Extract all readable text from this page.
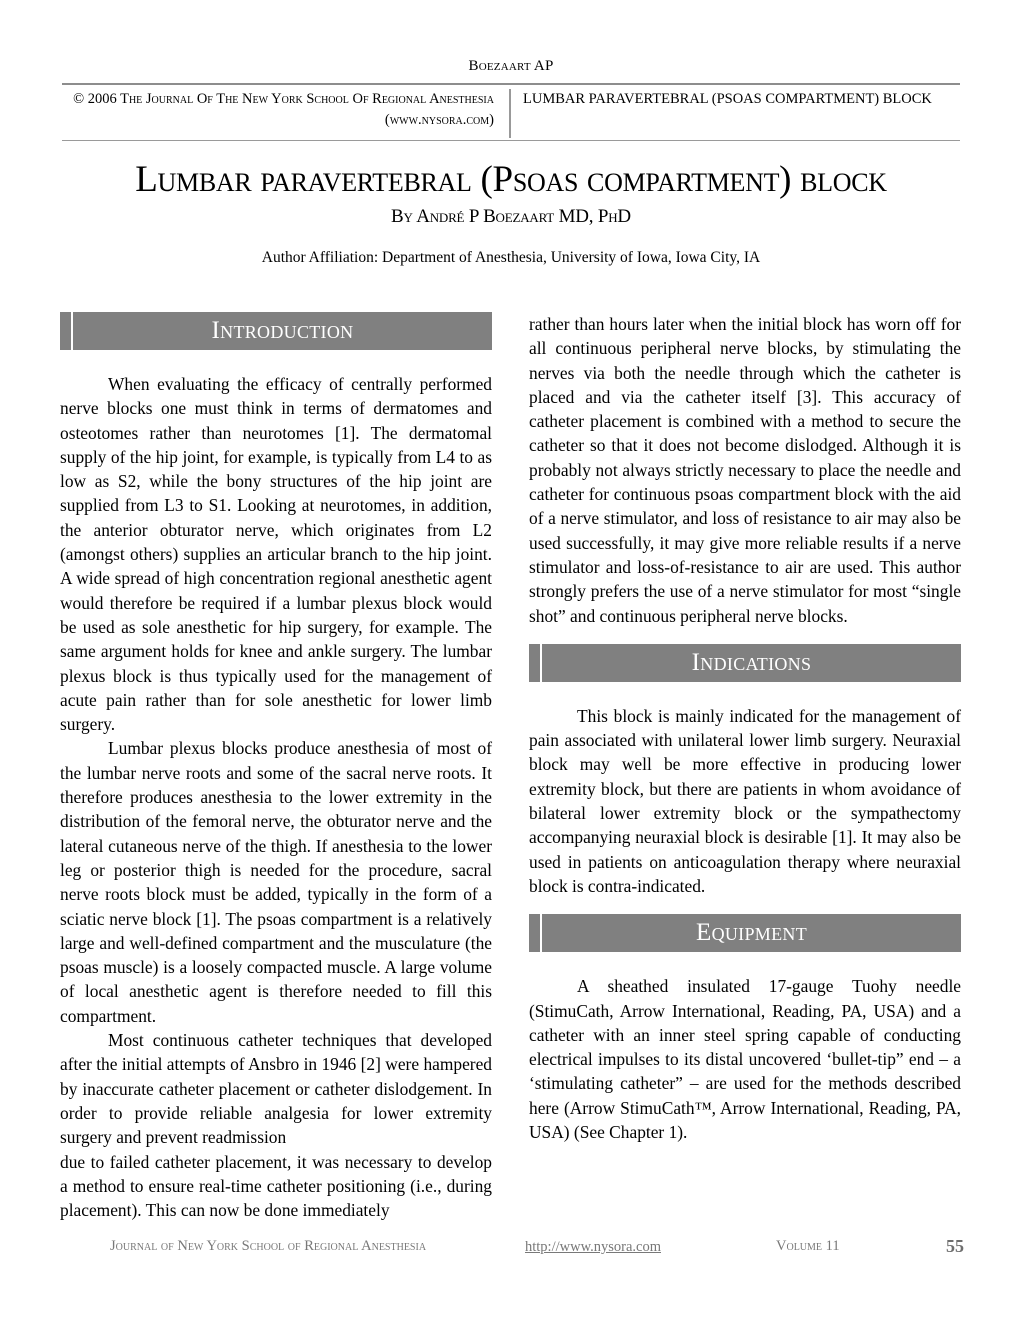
Boezaart AP
© 2006 The Journal Of The New York School Of Regional Anesthesia (www.nysora.com)
LUMBAR PARAVERTEBRAL (PSOAS COMPARTMENT) BLOCK
Lumbar paravertebral (Psoas compartment) block
By André P Boezaart MD, PhD
Author Affiliation: Department of Anesthesia, University of Iowa, Iowa City, IA
Introduction

When evaluating the efficacy of centrally performed nerve blocks one must think in terms of dermatomes and osteotomes rather than neurotomes [1]. The dermatomal supply of the hip joint, for example, is typically from L4 to as low as S2, while the bony structures of the hip joint are supplied from L3 to S1. Looking at neurotomes, in addition, the anterior obturator nerve, which originates from L2 (amongst others) supplies an articular branch to the hip joint. A wide spread of high concentration regional anesthetic agent would therefore be required if a lumbar plexus block would be used as sole anesthetic for hip surgery, for example. The same argument holds for knee and ankle surgery. The lumbar plexus block is thus typically used for the management of acute pain rather than for sole anesthetic for lower limb surgery.

Lumbar plexus blocks produce anesthesia of most of the lumbar nerve roots and some of the sacral nerve roots. It therefore produces anesthesia to the lower extremity in the distribution of the femoral nerve, the obturator nerve and the lateral cutaneous nerve of the thigh. If anesthesia to the lower leg or posterior thigh is needed for the procedure, sacral nerve roots block must be added, typically in the form of a sciatic nerve block [1]. The psoas compartment is a relatively large and well-defined compartment and the musculature (the psoas muscle) is a loosely compacted muscle. A large volume of local anesthetic agent is therefore needed to fill this compartment.

Most continuous catheter techniques that developed after the initial attempts of Ansbro in 1946 [2] were hampered by inaccurate catheter placement or catheter dislodgement. In order to provide reliable analgesia for lower extremity surgery and prevent readmission

due to failed catheter placement, it was necessary to develop a method to ensure real-time catheter positioning (i.e., during placement). This can now be done immediately

rather than hours later when the initial block has worn off for all continuous peripheral nerve blocks, by stimulating the nerves via both the needle through which the catheter is placed and via the catheter itself [3]. This accuracy of catheter placement is combined with a method to secure the catheter so that it does not become dislodged. Although it is probably not always strictly necessary to place the needle and catheter for continuous psoas compartment block with the aid of a nerve stimulator, and loss of resistance to air may also be used successfully, it may give more reliable results if a nerve stimulator and loss-of-resistance to air are used. This author strongly prefers the use of a nerve stimulator for most “single shot” and continuous peripheral nerve blocks.

Indications

This block is mainly indicated for the management of pain associated with unilateral lower limb surgery. Neuraxial block may well be more effective in producing lower extremity block, but there are patients in whom avoidance of bilateral lower extremity block or the sympathectomy accompanying neuraxial block is desirable [1]. It may also be used in patients on anticoagulation therapy where neuraxial block is contra-indicated.

Equipment

A sheathed insulated 17-gauge Tuohy needle (StimuCath, Arrow International, Reading, PA, USA) and a catheter with an inner steel spring capable of conducting electrical impulses to its distal uncovered ‘bullet-tip” end – a ‘stimulating catheter” – are used for the methods described here (Arrow StimuCath™, Arrow International, Reading, PA, USA) (See Chapter 1).

Journal of New York School of Regional Anesthesia	http://www.nysora.com	Volume 11	55
